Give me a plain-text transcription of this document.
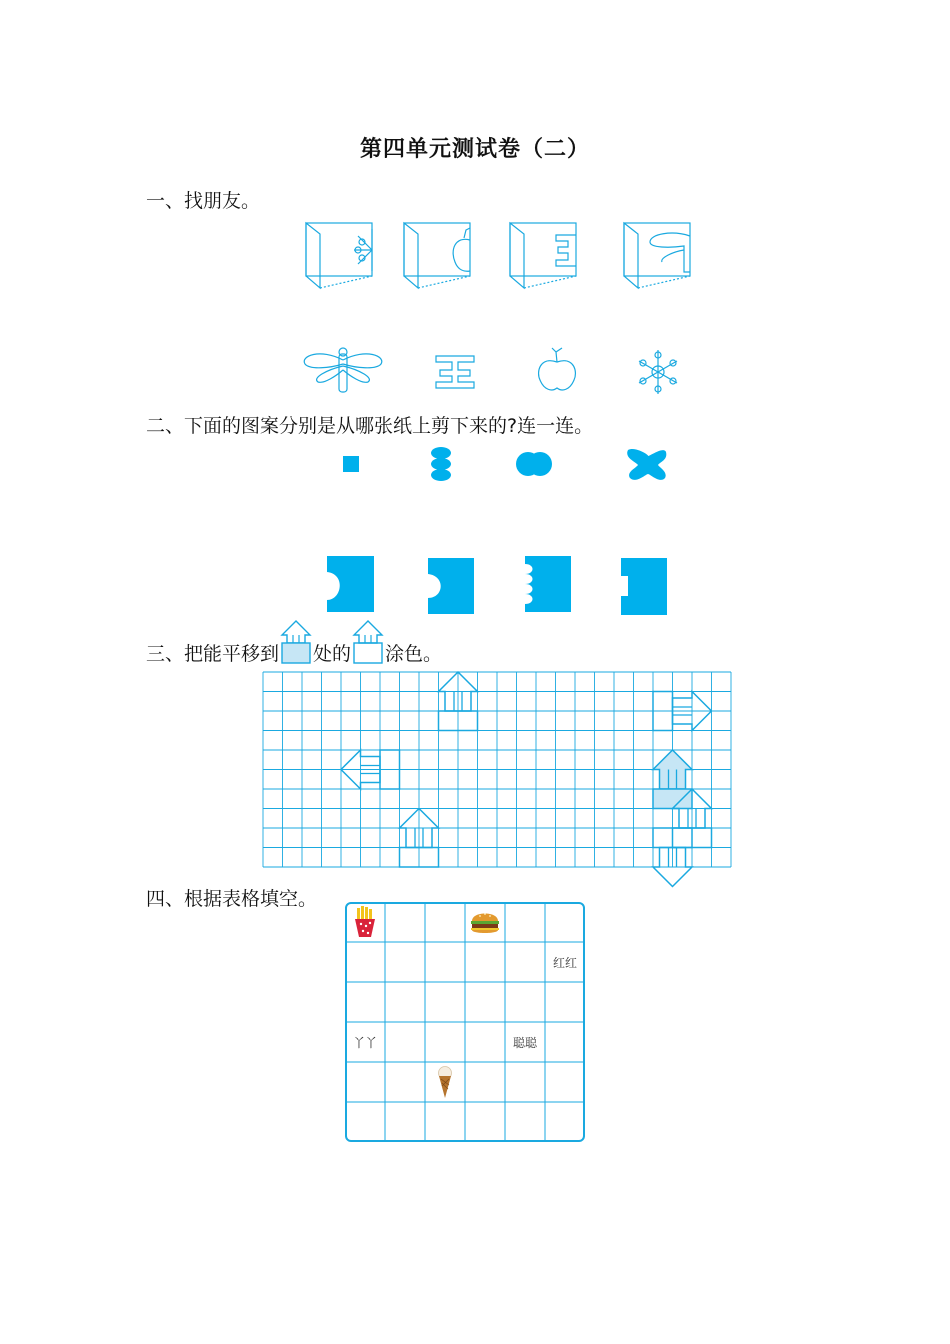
第四单元测试卷（二）
一、找朋友。
二、下面的图案分别是从哪张纸上剪下来的?连一连。
三、把能平移到 处的 涂色。
四、根据表格填空。
红红
丫丫	聪聪
